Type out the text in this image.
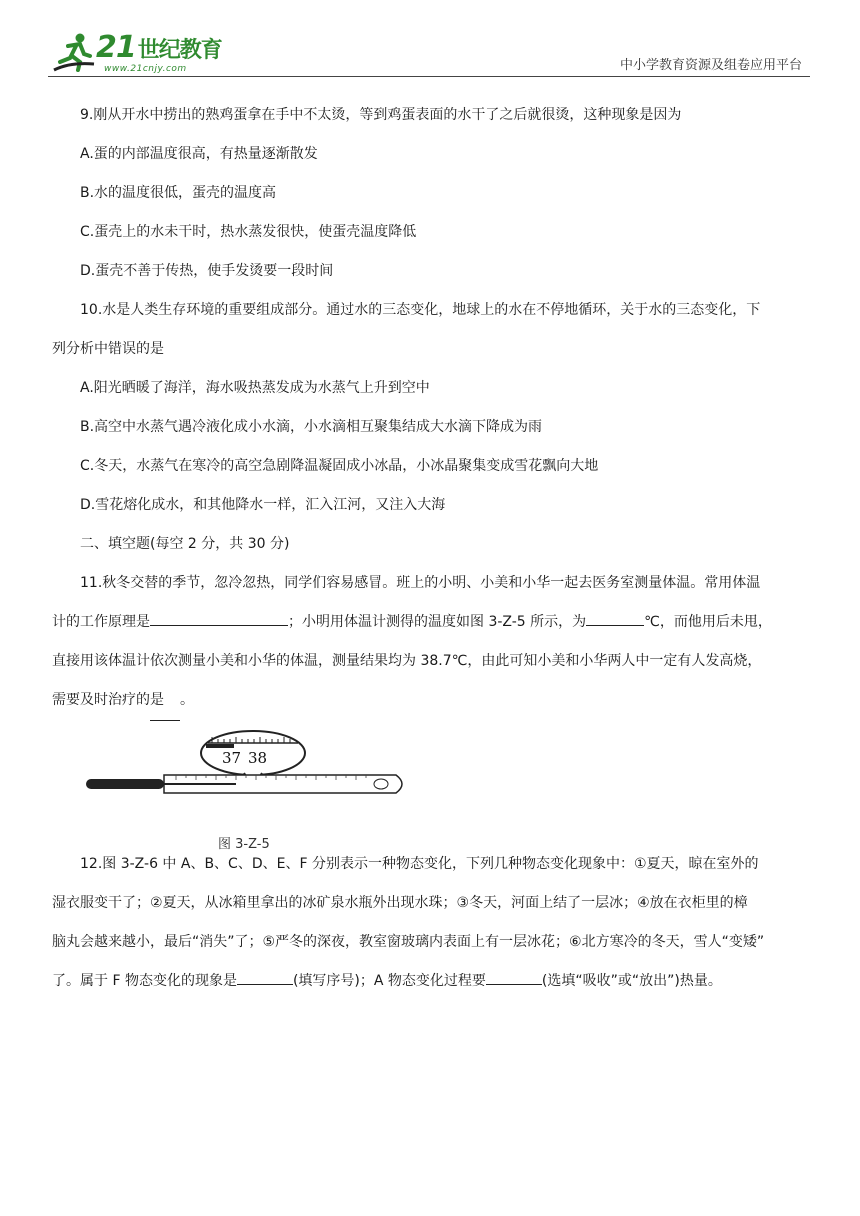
21世纪教育
www.21cnjy.com	中小学教育资源及组卷应用平台

9.刚从开水中捞出的熟鸡蛋拿在手中不太烫，等到鸡蛋表面的水干了之后就很烫，这种现象是因为

A.蛋的内部温度很高，有热量逐渐散发

B.水的温度很低，蛋壳的温度高

C.蛋壳上的水未干时，热水蒸发很快，使蛋壳温度降低

D.蛋壳不善于传热，使手发烫要一段时间

10.水是人类生存环境的重要组成部分。通过水的三态变化，地球上的水在不停地循环，关于水的三态变化，下

列分析中错误的是

A.阳光晒暖了海洋，海水吸热蒸发成为水蒸气上升到空中

B.高空中水蒸气遇冷液化成小水滴，小水滴相互聚集结成大水滴下降成为雨

C.冬天，水蒸气在寒冷的高空急剧降温凝固成小冰晶，小冰晶聚集变成雪花飘向大地

D.雪花熔化成水，和其他降水一样，汇入江河，又注入大海

二、填空题(每空 2 分，共 30 分)

11.秋冬交替的季节，忽冷忽热，同学们容易感冒。班上的小明、小美和小华一起去医务室测量体温。常用体温

计的工作原理是	；小明用体温计测得的温度如图 3-Z-5 所示，为	℃，而他用后未甩，

直接用该体温计依次测量小美和小华的体温，测量结果均为 38.7℃，由此可知小美和小华两人中一定有人发高烧，

需要及时治疗的是 。

37 38
图 3-Z-5

12.图 3-Z-6 中 A、B、C、D、E、F 分别表示一种物态变化，下列几种物态变化现象中：①夏天，晾在室外的

湿衣服变干了；②夏天，从冰箱里拿出的冰矿泉水瓶外出现水珠；③冬天，河面上结了一层冰；④放在衣柜里的樟

脑丸会越来越小，最后“消失”了；⑤严冬的深夜，教室窗玻璃内表面上有一层冰花；⑥北方寒冷的冬天，雪人“变矮”

了。属于 F 物态变化的现象是	(填写序号)；A 物态变化过程要	(选填“吸收”或“放出”)热量。
